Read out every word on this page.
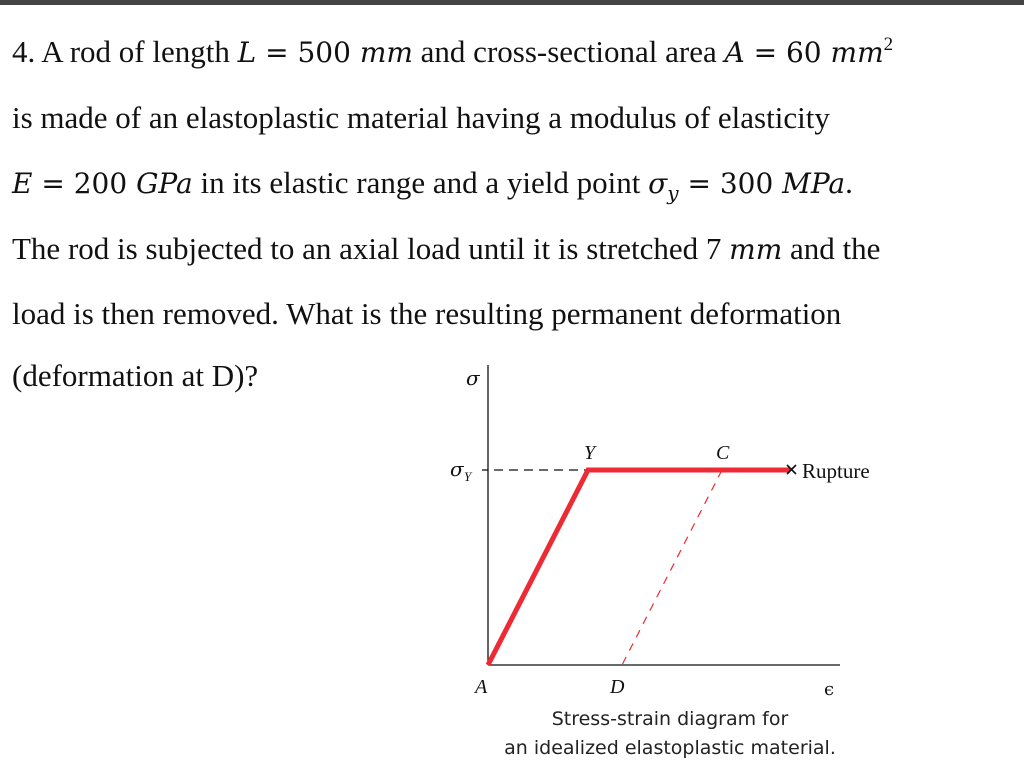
4. A rod of length L = 500 mm and cross-sectional area A = 60 $mm^2$
is made of an elastoplastic material having a modulus of elasticity
E = 200 GPa in its elastic range and a yield point $\sigma_y = 300$ MPa.
The rod is subjected to an axial load until it is stretched 7 mm and the
load is then removed. What is the resulting permanent deformation
(deformation at D)?	σ
σ Y
Y	C
A	D
Rupture
ϵ
Stress-strain diagram for
an idealized elastoplastic material.
